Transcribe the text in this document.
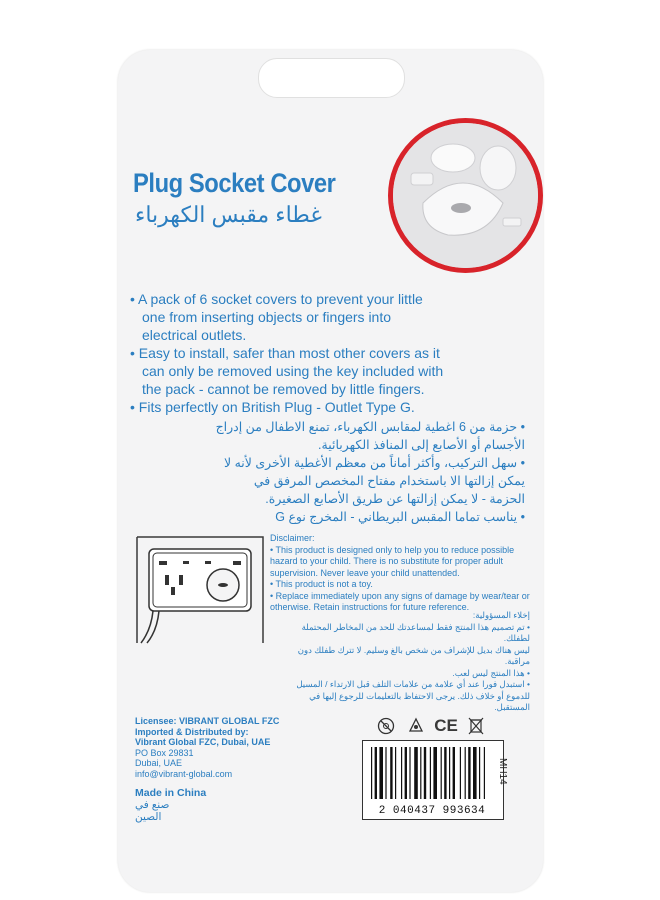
Plug Socket Cover
غطاء مقبس الكهرباء
• A pack of 6 socket covers to prevent your little one from inserting objects or fingers into electrical outlets.
• Easy to install, safer than most other covers as it can only be removed using the key included with the pack - cannot be removed by little fingers.
• Fits perfectly on British Plug - Outlet Type G.
• حزمة من 6 اغطية لمقابس الكهرباء، تمنع الاطفال من إدراج الأجسام أو الأصابع إلى المنافذ الكهربائية.
• سهل التركيب، وأكثر أماناً من معظم الأغطية الأخرى لأنه لا يمكن إزالتها الا باستخدام مفتاح المخصص المرفق في الحزمة - لا يمكن إزالتها عن طريق الأصابع الصغيرة.
• يناسب تماما المقبس البريطاني - المخرج نوع G

Disclaimer:

• This product is designed only to help you to reduce possible hazard to your child. There is no substitute for proper adult supervision. Never leave your child unattended.

• This product is not a toy.

• Replace immediately upon any signs of damage by wear/tear or otherwise. Retain instructions for future reference.

إخلاء المسؤولية:

• تم تصميم هذا المنتج فقط لمساعدتك للحد من المخاطر المحتملة لطفلك.

ليس هناك بديل للإشراف من شخص بالغ وسليم. لا تترك طفلك دون مراقبة.

• هذا المنتج ليس لعب.

• استبدل فورا عند أي علامة من علامات التلف قبل الارتداء / المسيل للدموع أو خلاف ذلك. يرجى الاحتفاظ بالتعليمات للرجوع إليها في المستقبل.

Licensee: VIBRANT GLOBAL FZC

Imported & Distributed by:

Vibrant Global FZC, Dubai, UAE

PO Box 29831

Dubai, UAE

info@vibrant-global.com

Made in China
صنع في الصين
CE
2 040437 993634
MH14
